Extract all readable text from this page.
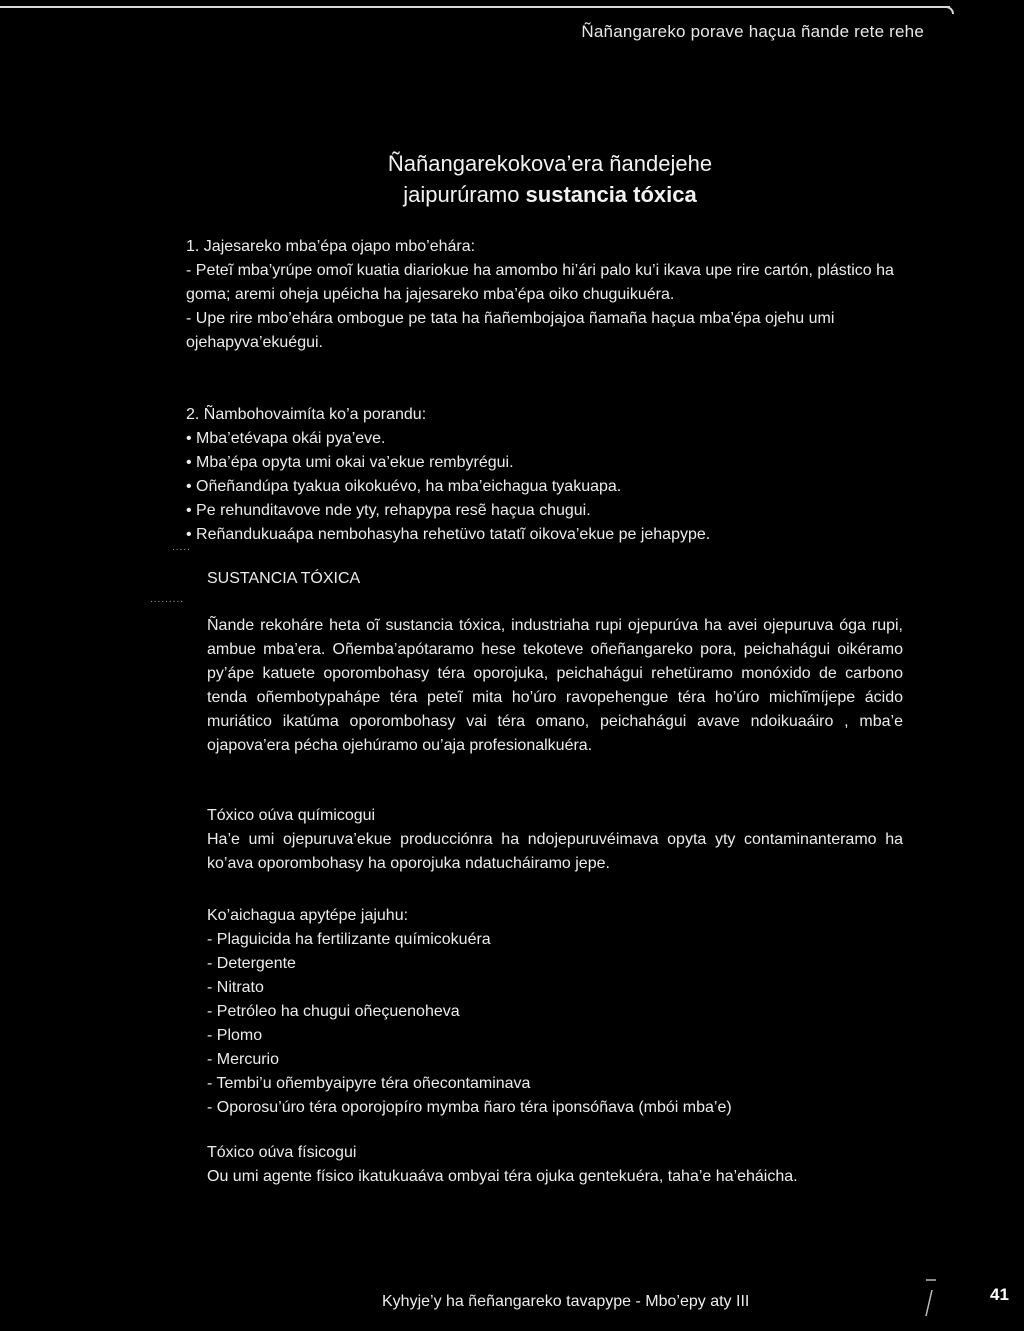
Ñañangareko porave haçua ñande rete rehe
Ñañangarekokova’era ñandejehe
jaipurúramo sustancia tóxica

1. Jajesareko mba’épa ojapo mbo’ehára:

- Peteĩ mba’yrúpe omoĩ kuatia diariokue ha amombo hi’ári palo ku’i ikava upe rire cartón, plástico ha goma; aremi oheja upéicha ha jajesareko mba’épa oiko chuguikuéra.

- Upe rire mbo’ehára ombogue pe tata ha ñañembojajoa ñamaña haçua mba’épa ojehu umi ojehapyva’ekuégui.

2. Ñambohovaimíta ko’a porandu:

• Mba’etévapa okái pya’eve.

• Mba’épa opyta umi okai va’ekue rembyrégui.

• Oñeñandúpa tyakua oikokuévo, ha mba’eichagua tyakuapa.

• Pe rehunditavove nde yty, rehapypa resẽ haçua chugui.

• Reñandukuaápa nembohasyha rehetüvo tatatĩ oikova’ekue pe jehapype.

.....
.........
SUSTANCIA TÓXICA

Ñande rekoháre heta oĩ sustancia tóxica, industriaha rupi ojepurúva ha avei ojepuruva óga rupi, ambue mba’era. Oñemba’apótaramo hese tekoteve oñeñangareko pora, peichahágui oikéramo py’ápe katuete oporombohasy téra oporojuka, peichahágui rehetüramo monóxido de carbono tenda oñembotypahápe téra peteĩ mita ho’úro ravopehengue téra ho’úro michĩmíjepe ácido muriático ikatúma oporombohasy vai téra omano, peichahágui avave ndoikuaáiro , mba’e ojapova’era pécha ojehúramo ou’aja profesionalkuéra.

Tóxico oúva químicogui

Ha’e umi ojepuruva’ekue producciónra ha ndojepuruvéimava opyta yty contaminanteramo ha ko’ava oporombohasy ha oporojuka ndatucháiramo jepe.

Ko’aichagua apytépe jajuhu:

- Plaguicida ha fertilizante químicokuéra

- Detergente

- Nitrato

- Petróleo ha chugui oñeçuenoheva

- Plomo

- Mercurio

- Tembi’u oñembyaipyre téra oñecontaminava

- Oporosu’úro téra oporojopíro mymba ñaro téra iponsóñava (mbói mba’e)

Tóxico oúva físicogui

Ou umi agente físico ikatukuaáva ombyai téra ojuka gentekuéra, taha’e ha’eháicha.

Kyhyje’y ha ñeñangareko tavapype - Mbo’epy aty III	41
